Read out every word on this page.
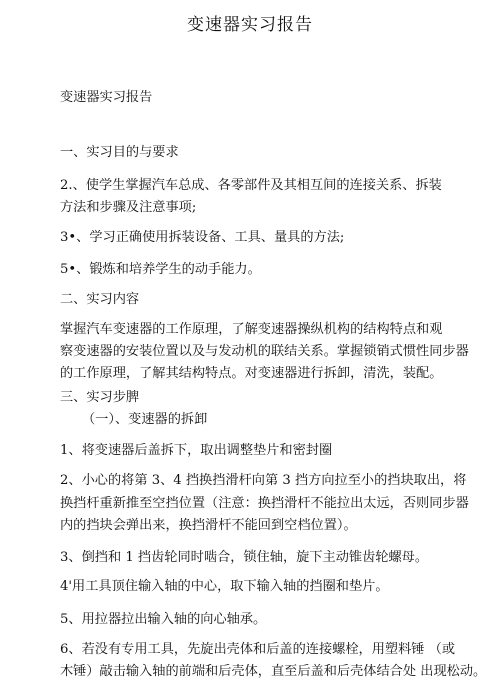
变速器实习报告
变速器实习报告
一、实习目的与要求
2.、使学生掌握汽车总成、各零部件及其相互间的连接关系、拆装
方法和步骤及注意事项;
3•、学习正确使用拆装设备、工具、量具的方法;
5•、锻炼和培养学生的动手能力。
二、实习内容
掌握汽车变速器的工作原理，了解变速器操纵机构的结构特点和观
察变速器的安装位置以及与发动机的联结关系。掌握锁销式惯性同步器
的工作原理，了解其结构特点。对变速器进行拆卸，清洗，装配。
三、实习步脾
（一）、变速器的拆卸
1、将变速器后盖拆下，取出调整垫片和密封圈
2、小心的将第 3、4 挡换挡滑杆向第 3 挡方向拉至小的挡块取出，将
换挡杆重新推至空挡位置（注意：换挡滑杆不能拉出太远，否则同步器
内的挡块会弹出来，换挡滑杆不能回到空档位置）。
3、倒挡和 1 挡齿轮同时啮合，锁住轴，旋下主动锥齿轮螺母。
4'用工具顶住输入轴的中心，取下输入轴的挡圈和垫片。
5、用拉器拉出输入轴的向心轴承。
6、若没有专用工具，先旋出壳体和后盖的连接螺栓，用塑料锤 （或
木锤）敲击输入轴的前端和后壳体，直至后盖和后壳体结合处 出现松动。
